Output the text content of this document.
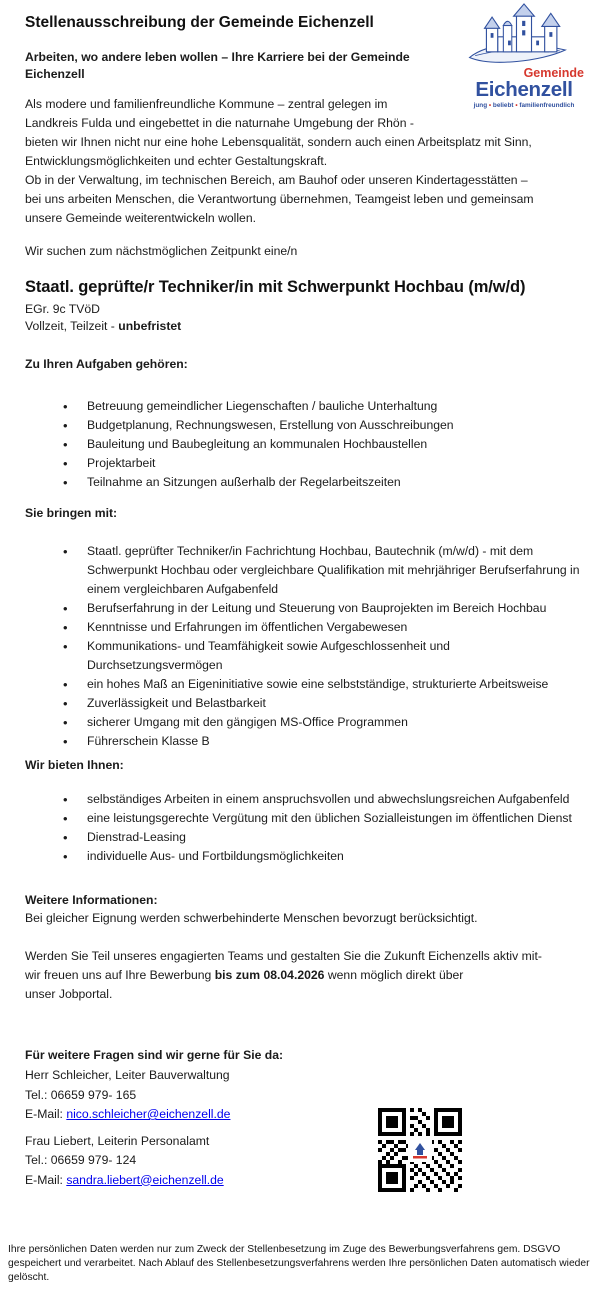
Gemeinde
Eichenzell
jung • beliebt • familienfreundlich
Stellenausschreibung der Gemeinde Eichenzell
Arbeiten, wo andere leben wollen – Ihre Karriere bei der Gemeinde
Eichenzell

Als modere und familienfreundliche Kommune – zentral gelegen im
Landkreis Fulda und eingebettet in die naturnahe Umgebung der Rhön -
bieten wir Ihnen nicht nur eine hohe Lebensqualität, sondern auch einen Arbeitsplatz mit Sinn,
Entwicklungsmöglichkeiten und echter Gestaltungskraft.
Ob in der Verwaltung, im technischen Bereich, am Bauhof oder unseren Kindertagesstätten –
bei uns arbeiten Menschen, die Verantwortung übernehmen, Teamgeist leben und gemeinsam
unsere Gemeinde weiterentwickeln wollen.

Wir suchen zum nächstmöglichen Zeitpunkt eine/n

Staatl. geprüfte/r Techniker/in mit Schwerpunkt Hochbau (m/w/d)

EGr. 9c TVöD

Vollzeit, Teilzeit - unbefristet

Zu Ihren Aufgaben gehören:
• Betreuung gemeindlicher Liegenschaften / bauliche Unterhaltung
• Budgetplanung, Rechnungswesen, Erstellung von Ausschreibungen
• Bauleitung und Baubegleitung an kommunalen Hochbaustellen
• Projektarbeit
• Teilnahme an Sitzungen außerhalb der Regelarbeitszeiten
Sie bringen mit:
• Staatl. geprüfter Techniker/in Fachrichtung Hochbau, Bautechnik (m/w/d) - mit dem Schwerpunkt Hochbau oder vergleichbare Qualifikation mit mehrjähriger Berufserfahrung in einem vergleichbaren Aufgabenfeld
• Berufserfahrung in der Leitung und Steuerung von Bauprojekten im Bereich Hochbau
• Kenntnisse und Erfahrungen im öffentlichen Vergabewesen
• Kommunikations- und Teamfähigkeit sowie Aufgeschlossenheit und Durchsetzungsvermögen
• ein hohes Maß an Eigeninitiative sowie eine selbstständige, strukturierte Arbeitsweise
• Zuverlässigkeit und Belastbarkeit
• sicherer Umgang mit den gängigen MS-Office Programmen
• Führerschein Klasse B
Wir bieten Ihnen:
• selbständiges Arbeiten in einem anspruchsvollen und abwechslungsreichen Aufgabenfeld
• eine leistungsgerechte Vergütung mit den üblichen Sozialleistungen im öffentlichen Dienst
• Dienstrad-Leasing
• individuelle Aus- und Fortbildungsmöglichkeiten
Weitere Informationen:

Bei gleicher Eignung werden schwerbehinderte Menschen bevorzugt berücksichtigt.

Werden Sie Teil unseres engagierten Teams und gestalten Sie die Zukunft Eichenzells aktiv mit-
wir freuen uns auf Ihre Bewerbung bis zum 08.04.2026 wenn möglich direkt über
unser Jobportal.

Für weitere Fragen sind wir gerne für Sie da:

Herr Schleicher, Leiter Bauverwaltung

Tel.: 06659 979- 165

E-Mail: nico.schleicher@eichenzell.de

Frau Liebert, Leiterin Personalamt

Tel.: 06659 979- 124

E-Mail: sandra.liebert@eichenzell.de

Ihre persönlichen Daten werden nur zum Zweck der Stellenbesetzung im Zuge des Bewerbungsverfahrens gem. DSGVO gespeichert und verarbeitet. Nach Ablauf des Stellenbesetzungsverfahrens werden Ihre persönlichen Daten automatisch wieder gelöscht.
